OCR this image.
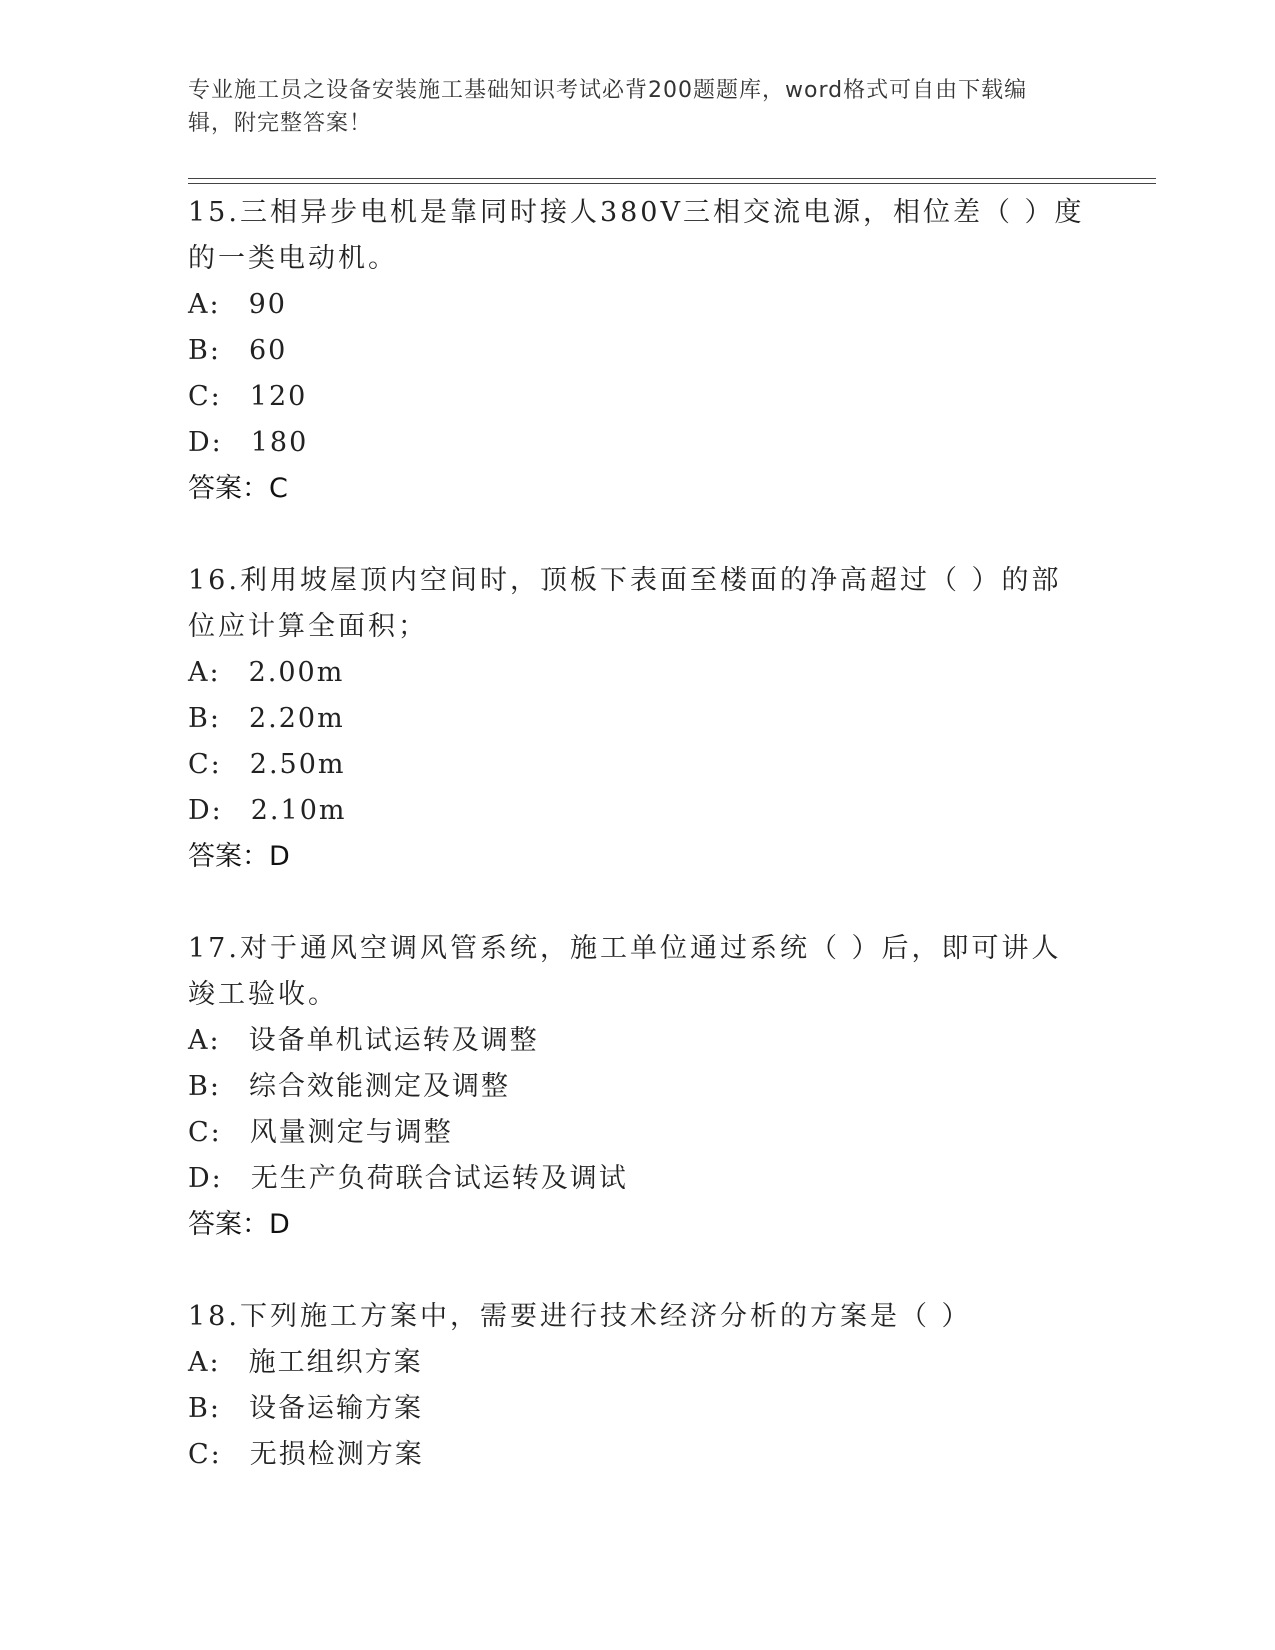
专业施工员之设备安装施工基础知识考试必背200题题库，word格式可自由下载编辑，附完整答案！
15.三相异步电机是靠同时接人380V三相交流电源，相位差（ ）度的一类电动机。
A: 90
B: 60
C: 120
D: 180
答案：C
16.利用坡屋顶内空间时，顶板下表面至楼面的净高超过（ ）的部位应计算全面积；
A: 2.00m
B: 2.20m
C: 2.50m
D: 2.10m
答案：D
17.对于通风空调风管系统，施工单位通过系统（ ）后，即可讲人竣工验收。
A: 设备单机试运转及调整
B: 综合效能测定及调整
C: 风量测定与调整
D: 无生产负荷联合试运转及调试
答案：D
18.下列施工方案中，需要进行技术经济分析的方案是（ ）
A: 施工组织方案
B: 设备运输方案
C: 无损检测方案
